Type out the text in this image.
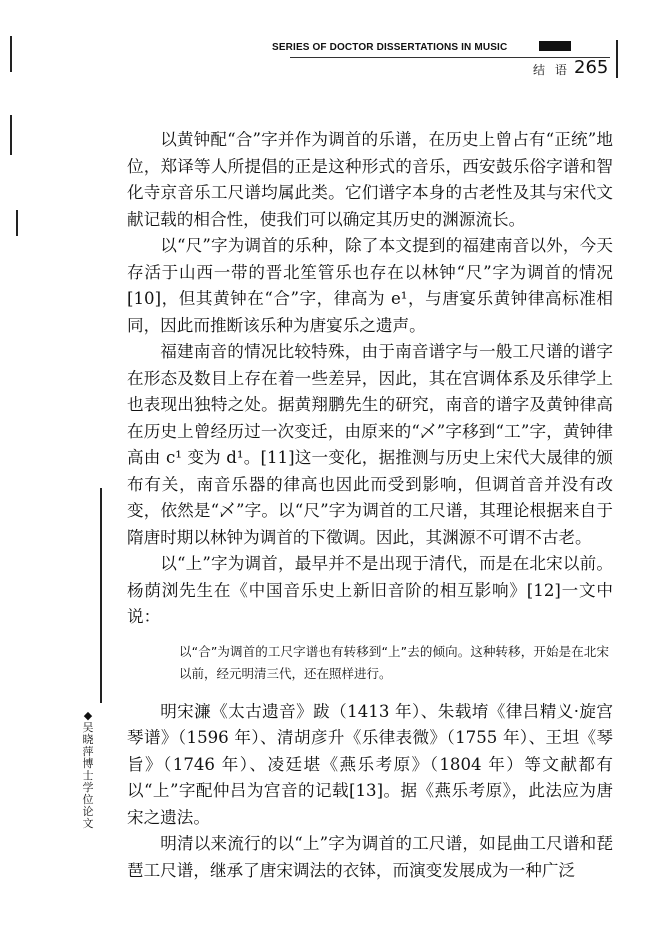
SERIES OF DOCTOR DISSERTATIONS IN MUSIC
结 语 265

以黄钟配“合”字并作为调首的乐谱，在历史上曾占有“正统”地位，郑译等人所提倡的正是这种形式的音乐，西安鼓乐俗字谱和智化寺京音乐工尺谱均属此类。它们谱字本身的古老性及其与宋代文献记载的相合性，使我们可以确定其历史的渊源流长。

以“尺”字为调首的乐种，除了本文提到的福建南音以外，今天存活于山西一带的晋北笙管乐也存在以林钟“尺”字为调首的情况[10]，但其黄钟在“合”字，律高为 e¹，与唐宴乐黄钟律高标准相同，因此而推断该乐种为唐宴乐之遗声。

福建南音的情况比较特殊，由于南音谱字与一般工尺谱的谱字在形态及数目上存在着一些差异，因此，其在宫调体系及乐律学上也表现出独特之处。据黄翔鹏先生的研究，南音的谱字及黄钟律高在历史上曾经历过一次变迁，由原来的“乄”字移到“工”字，黄钟律高由 c¹ 变为 d¹。[11]这一变化，据推测与历史上宋代大晟律的颁布有关，南音乐器的律高也因此而受到影响，但调首音并没有改变，依然是“乄”字。以“尺”字为调首的工尺谱，其理论根据来自于隋唐时期以林钟为调首的下徵调。因此，其渊源不可谓不古老。

以“上”字为调首，最早并不是出现于清代，而是在北宋以前。杨荫浏先生在《中国音乐史上新旧音阶的相互影响》[12]一文中说：

以“合”为调首的工尺字谱也有转移到“上”去的倾向。这种转移，开始是在北宋以前，经元明清三代，还在照样进行。

明宋濂《太古遗音》跋（1413 年）、朱载堉《律吕精义·旋宫琴谱》（1596 年）、清胡彦升《乐律表微》（1755 年）、王坦《琴旨》（1746 年）、凌廷堪《燕乐考原》（1804 年）等文献都有以“上”字配仲吕为宫音的记载[13]。据《燕乐考原》，此法应为唐宋之遗法。

明清以来流行的以“上”字为调首的工尺谱，如昆曲工尺谱和琵琶工尺谱，继承了唐宋调法的衣钵，而演变发展成为一种广泛

◆吴晓萍博士学位论文
